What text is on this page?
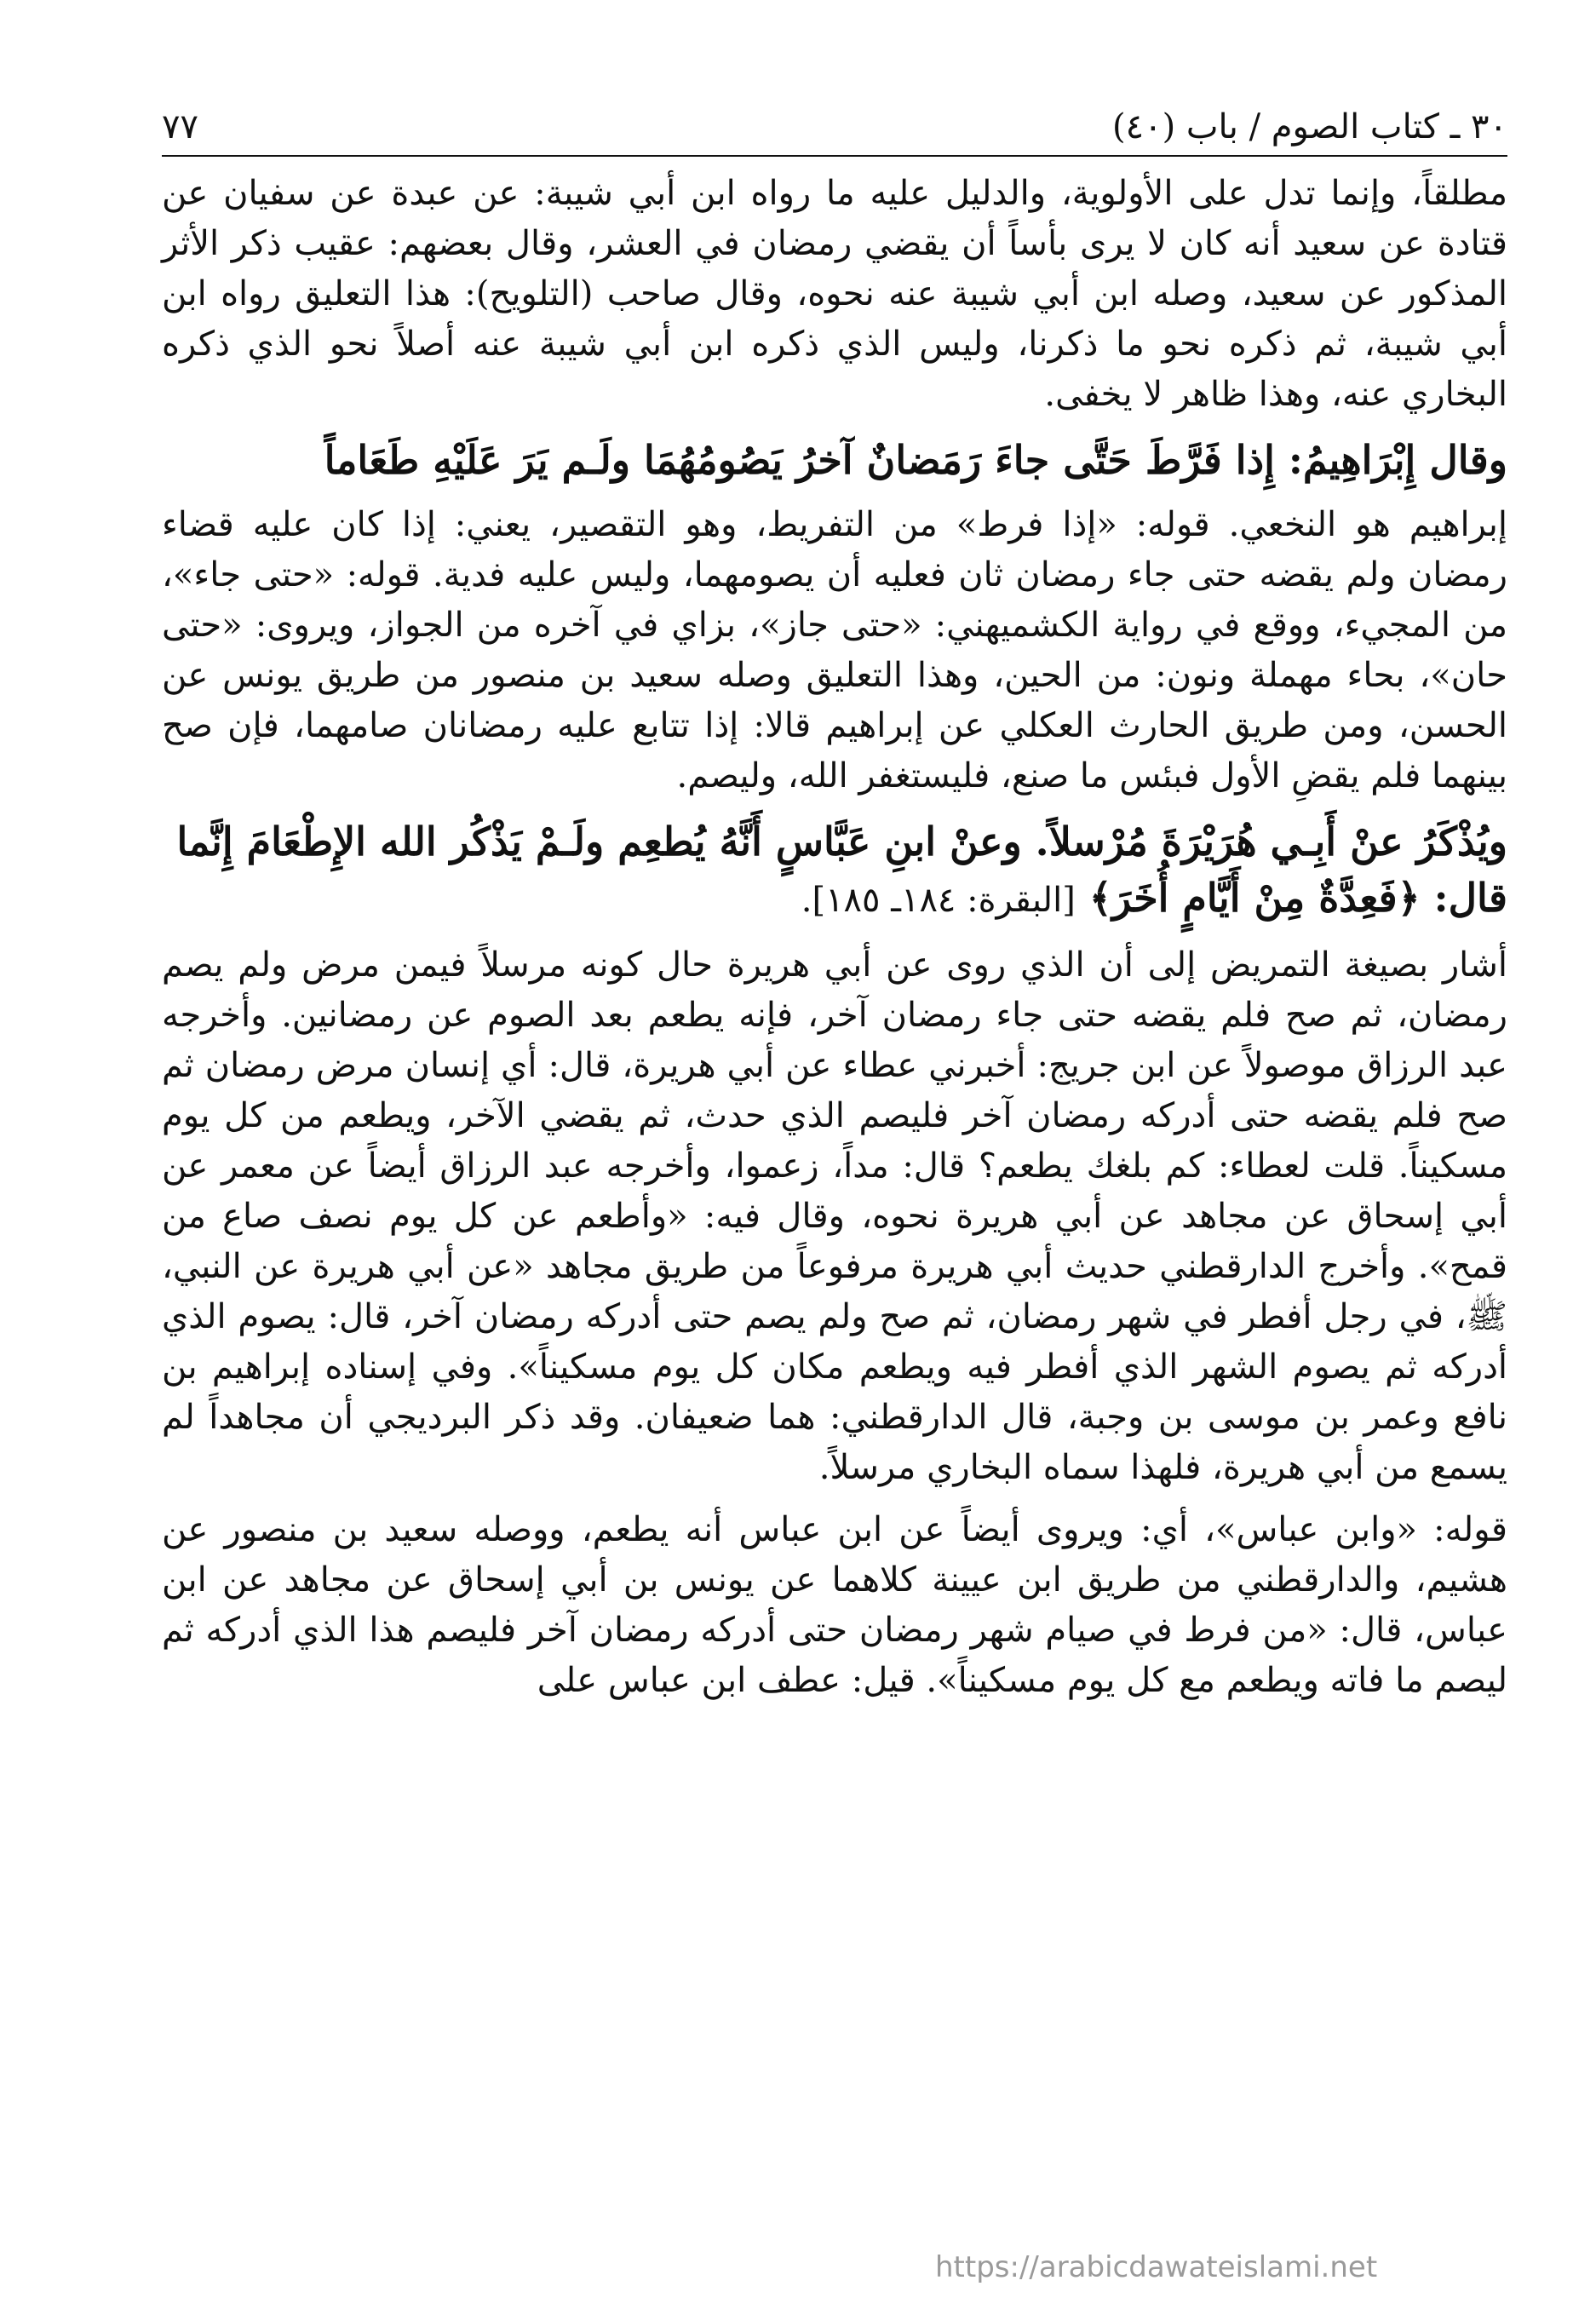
٣٠ ـ كتاب الصوم / باب (٤٠)
٧٧

مطلقاً، وإنما تدل على الأولوية، والدليل عليه ما رواه ابن أبي شيبة: عن عبدة عن سفيان عن قتادة عن سعيد أنه كان لا يرى بأساً أن يقضي رمضان في العشر، وقال بعضهم: عقيب ذكر الأثر المذكور عن سعيد، وصله ابن أبي شيبة عنه نحوه، وقال صاحب (التلويح): هذا التعليق رواه ابن أبي شيبة، ثم ذكره نحو ما ذكرنا، وليس الذي ذكره ابن أبي شيبة عنه أصلاً نحو الذي ذكره البخاري عنه، وهذا ظاهر لا يخفى.

وقال إِبْرَاهِيمُ: إِذا فَرَّطَ حَتَّى جاءَ رَمَضانٌ آخرُ يَصُومُهُمَا ولَـم يَرَ عَلَيْهِ طَعَاماً

إبراهيم هو النخعي. قوله: «إذا فرط» من التفريط، وهو التقصير، يعني: إذا كان عليه قضاء رمضان ولم يقضه حتى جاء رمضان ثان فعليه أن يصومهما، وليس عليه فدية. قوله: «حتى جاء»، من المجيء، ووقع في رواية الكشميهني: «حتى جاز»، بزاي في آخره من الجواز، ويروى: «حتى حان»، بحاء مهملة ونون: من الحين، وهذا التعليق وصله سعيد بن منصور من طريق يونس عن الحسن، ومن طريق الحارث العكلي عن إبراهيم قالا: إذا تتابع عليه رمضانان صامهما، فإن صح بينهما فلم يقضِ الأول فبئس ما صنع، فليستغفر الله، وليصم.

ويُذْكَرُ عنْ أَبِـي هُرَيْرَةَ مُرْسلاً. وعنْ ابنِ عَبَّاسٍ أَنَّهُ يُطعِم ولَـمْ يَذْكُر الله الإِطْعَامَ إِنَّما قال: ﴿فَعِدَّةٌ مِنْ أَيَّامٍ أُخَرَ﴾ [البقرة: ١٨٤ـ ١٨٥].

أشار بصيغة التمريض إلى أن الذي روى عن أبي هريرة حال كونه مرسلاً فيمن مرض ولم يصم رمضان، ثم صح فلم يقضه حتى جاء رمضان آخر، فإنه يطعم بعد الصوم عن رمضانين. وأخرجه عبد الرزاق موصولاً عن ابن جريج: أخبرني عطاء عن أبي هريرة، قال: أي إنسان مرض رمضان ثم صح فلم يقضه حتى أدركه رمضان آخر فليصم الذي حدث، ثم يقضي الآخر، ويطعم من كل يوم مسكيناً. قلت لعطاء: كم بلغك يطعم؟ قال: مداً، زعموا، وأخرجه عبد الرزاق أيضاً عن معمر عن أبي إسحاق عن مجاهد عن أبي هريرة نحوه، وقال فيه: «وأطعم عن كل يوم نصف صاع من قمح». وأخرج الدارقطني حديث أبي هريرة مرفوعاً من طريق مجاهد «عن أبي هريرة عن النبي، ﷺ، في رجل أفطر في شهر رمضان، ثم صح ولم يصم حتى أدركه رمضان آخر، قال: يصوم الذي أدركه ثم يصوم الشهر الذي أفطر فيه ويطعم مكان كل يوم مسكيناً». وفي إسناده إبراهيم بن نافع وعمر بن موسى بن وجبة، قال الدارقطني: هما ضعيفان. وقد ذكر البرديجي أن مجاهداً لم يسمع من أبي هريرة، فلهذا سماه البخاري مرسلاً.

قوله: «وابن عباس»، أي: ويروى أيضاً عن ابن عباس أنه يطعم، ووصله سعيد بن منصور عن هشيم، والدارقطني من طريق ابن عيينة كلاهما عن يونس بن أبي إسحاق عن مجاهد عن ابن عباس، قال: «من فرط في صيام شهر رمضان حتى أدركه رمضان آخر فليصم هذا الذي أدركه ثم ليصم ما فاته ويطعم مع كل يوم مسكيناً». قيل: عطف ابن عباس على

https://arabicdawateislami.net
